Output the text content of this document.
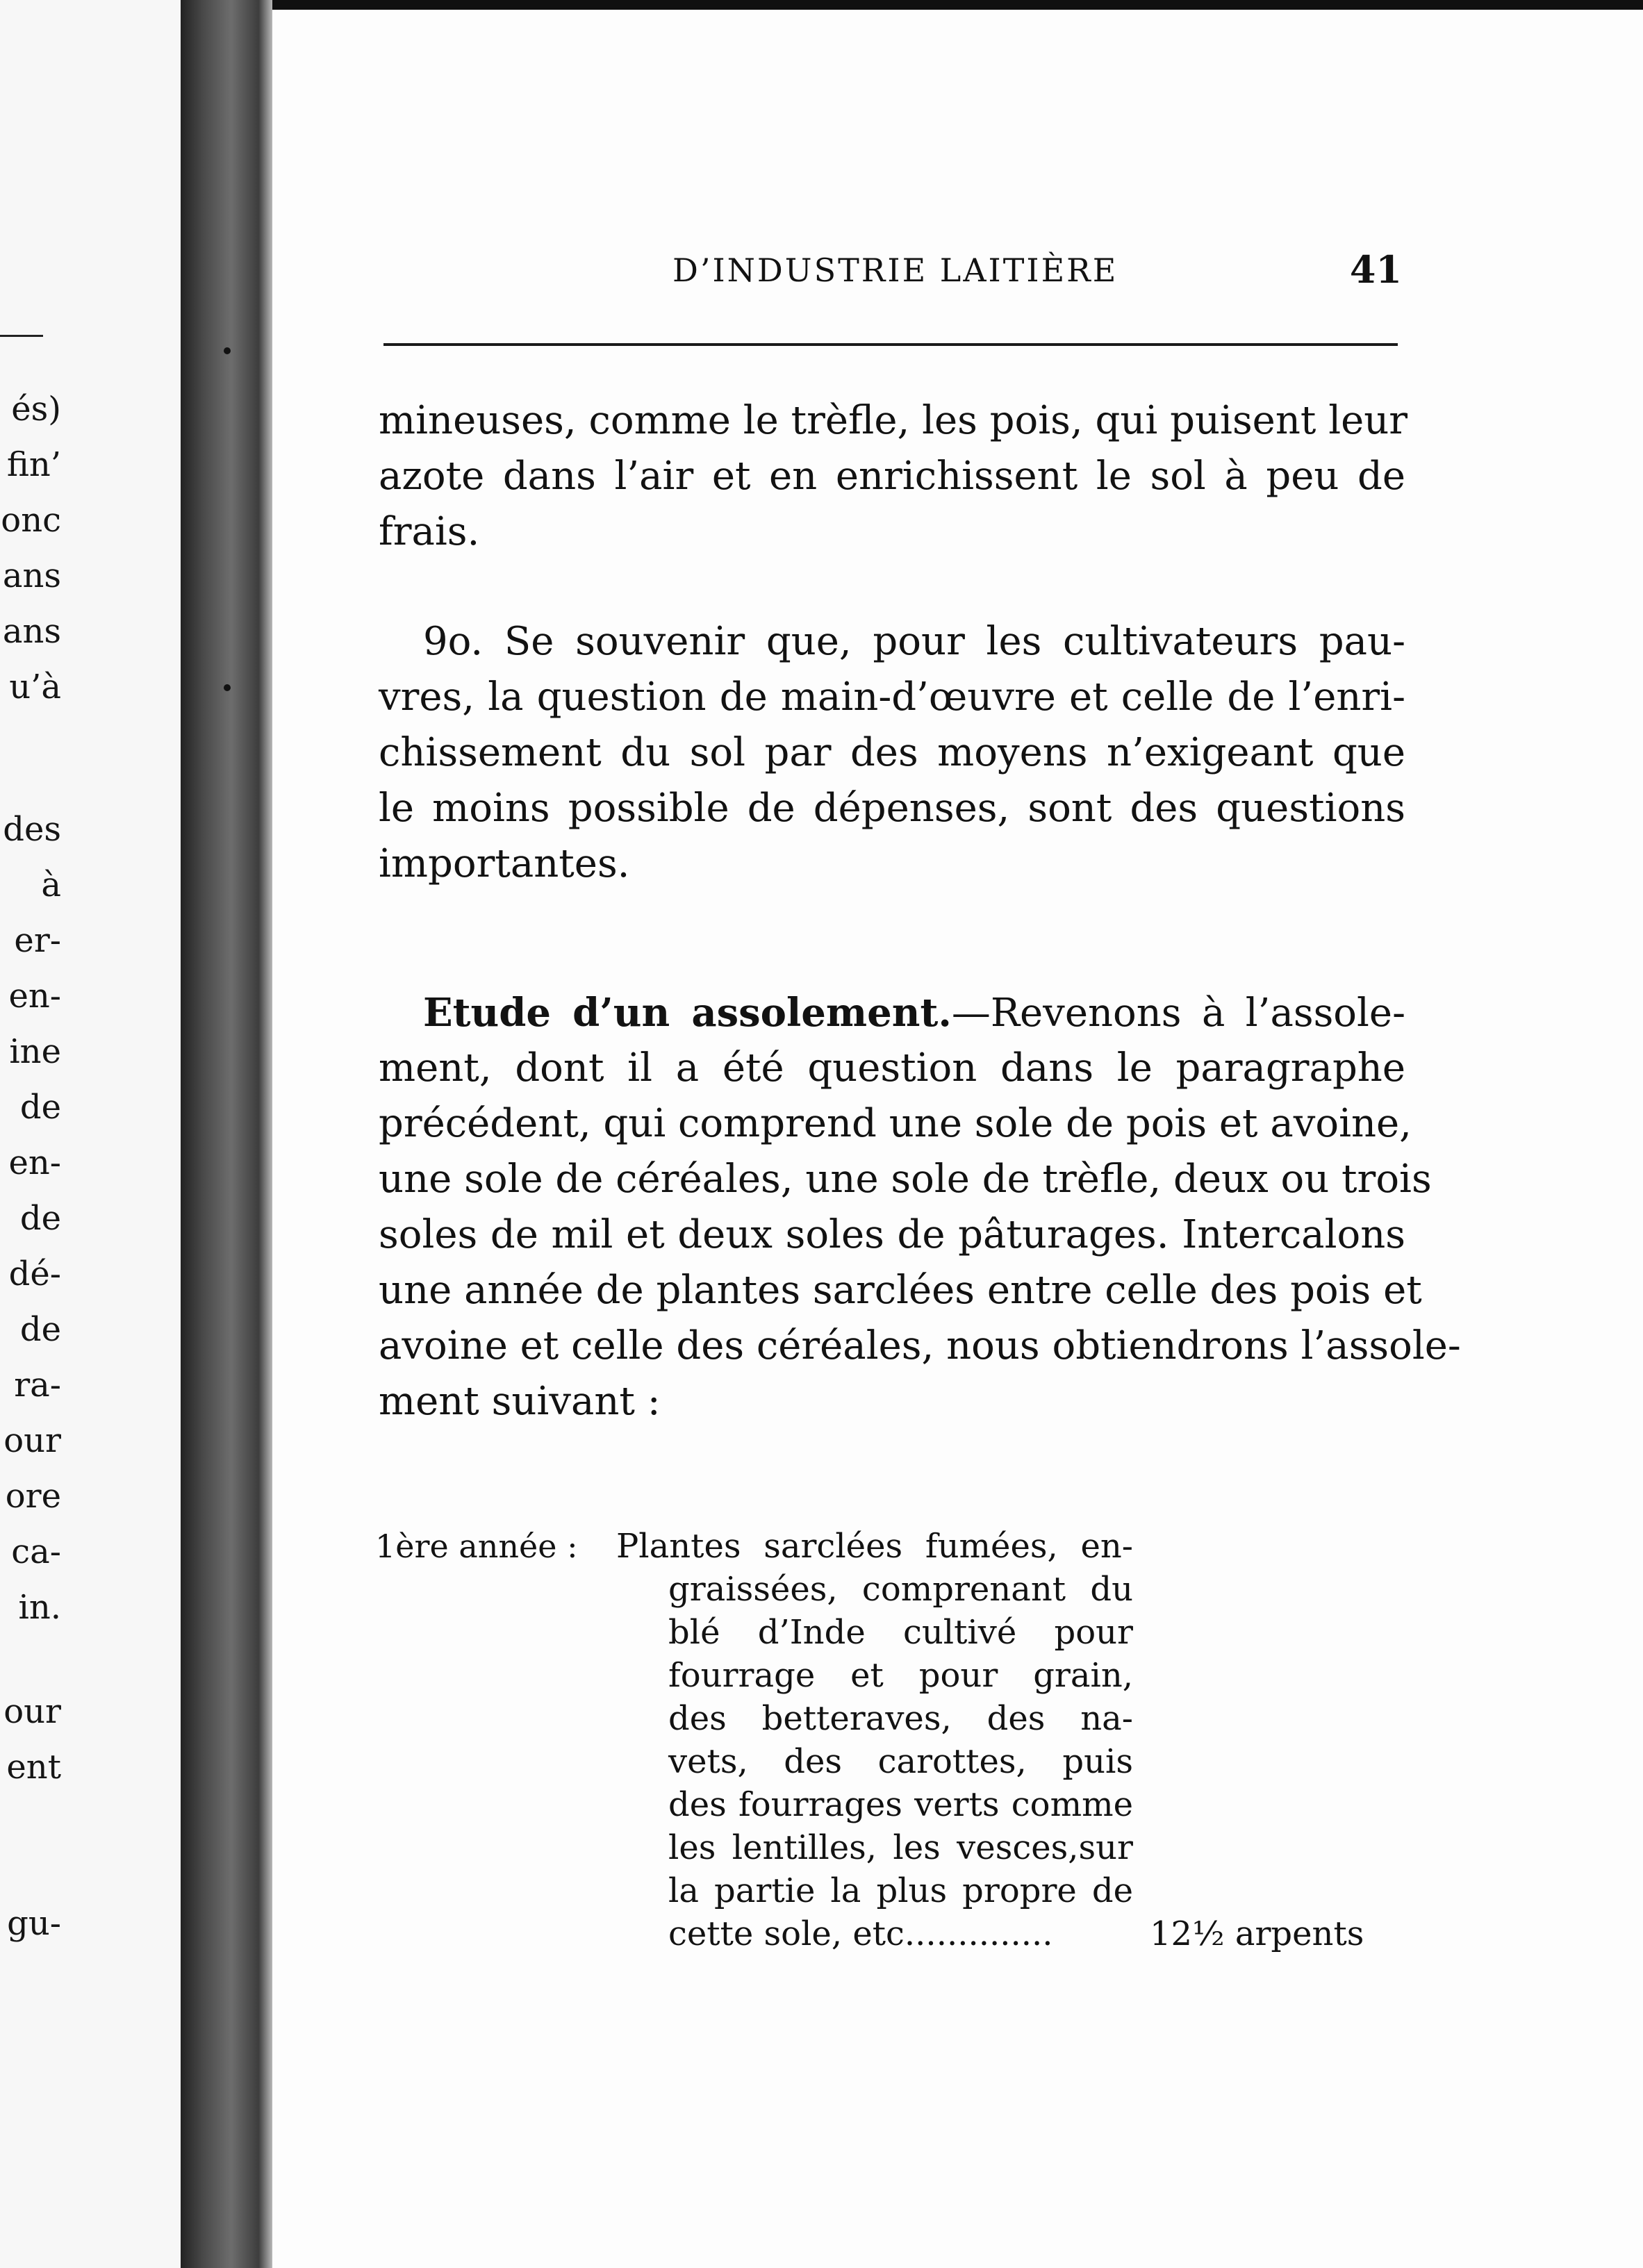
és)
fin’
onc
ans
ans
u’à
des
à
er-
en-
ine
de
en-
de
dé-
de
ra-
our
ore
ca-
in.
our
ent
gu-
D’INDUSTRIE LAITIÈRE	41

mineuses, comme le trèfle, les pois, qui puisent leur
azote dans l’air et en enrichissent le sol à peu de
frais.

9o. Se souvenir que, pour les cultivateurs pau-
vres, la question de main-d’œuvre et celle de l’enri-
chissement du sol par des moyens n’exigeant que
le moins possible de dépenses, sont des questions
importantes.

Etude d’un assolement.—Revenons à l’assole-
ment, dont il a été question dans le paragraphe
précédent, qui comprend une sole de pois et avoine,
une sole de céréales, une sole de trèfle, deux ou trois
soles de mil et deux soles de pâturages. Intercalons
une année de plantes sarclées entre celle des pois et
avoine et celle des céréales, nous obtiendrons l’assole-
ment suivant :

1ère année : Plantes sarclées fumées, en-
graissées, comprenant du
blé d’Inde cultivé pour
fourrage et pour grain,
des betteraves, des na-
vets, des carottes, puis
des fourrages verts comme
les lentilles, les vesces,sur
la partie la plus propre de
cette sole, etc..............	12½ arpents
